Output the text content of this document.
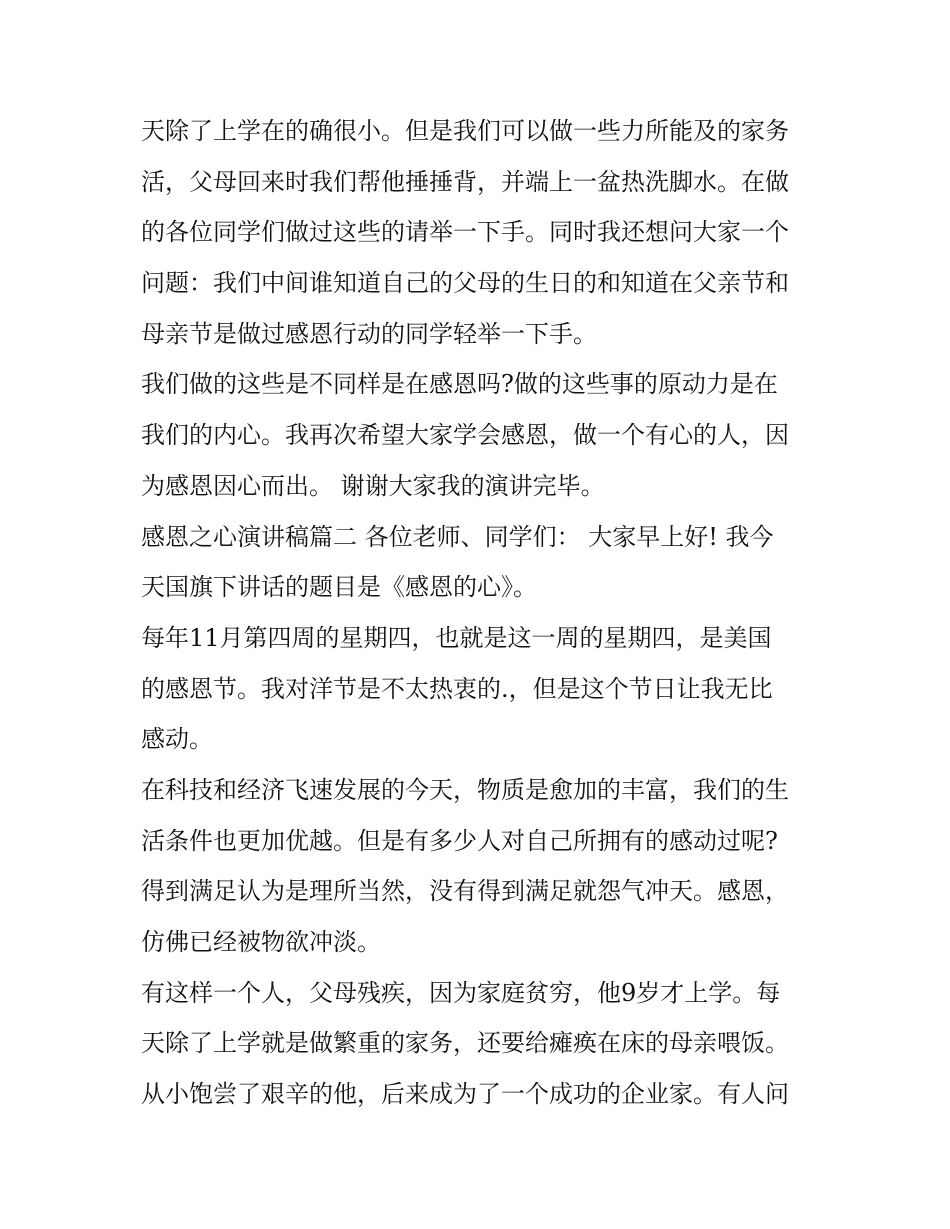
天除了上学在的确很小。但是我们可以做一些力所能及的家务
活，父母回来时我们帮他捶捶背，并端上一盆热洗脚水。在做
的各位同学们做过这些的请举一下手。同时我还想问大家一个
问题：我们中间谁知道自己的父母的生日的和知道在父亲节和
母亲节是做过感恩行动的同学轻举一下手。
我们做的这些是不同样是在感恩吗?做的这些事的原动力是在
我们的内心。我再次希望大家学会感恩，做一个有心的人，因
为感恩因心而出。 谢谢大家我的演讲完毕。
感恩之心演讲稿篇二 各位老师、同学们： 大家早上好! 我今
天国旗下讲话的题目是《感恩的心》。
每年11月第四周的星期四，也就是这一周的星期四，是美国
的感恩节。我对洋节是不太热衷的.，但是这个节日让我无比
感动。
在科技和经济飞速发展的今天，物质是愈加的丰富，我们的生
活条件也更加优越。但是有多少人对自己所拥有的感动过呢?
得到满足认为是理所当然，没有得到满足就怨气冲天。感恩，
仿佛已经被物欲冲淡。
有这样一个人，父母残疾，因为家庭贫穷，他9岁才上学。每
天除了上学就是做繁重的家务，还要给瘫痪在床的母亲喂饭。
从小饱尝了艰辛的他，后来成为了一个成功的企业家。有人问
